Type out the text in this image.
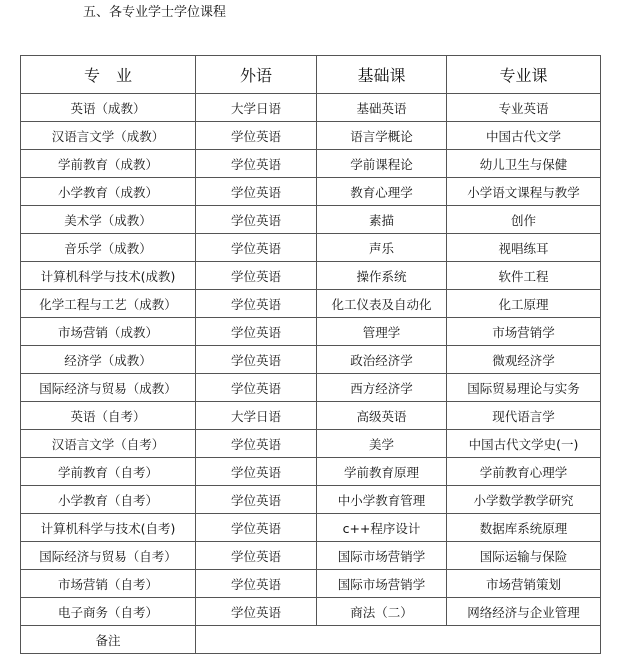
五、各专业学士学位课程
专　业	外语	基础课	专业课
英语（成教）	大学日语	基础英语	专业英语
汉语言文学（成教）	学位英语	语言学概论	中国古代文学
学前教育（成教）	学位英语	学前课程论	幼儿卫生与保健
小学教育（成教）	学位英语	教育心理学	小学语文课程与教学
美术学（成教）	学位英语	素描	创作
音乐学（成教）	学位英语	声乐	视唱练耳
计算机科学与技术(成教)	学位英语	操作系统	软件工程
化学工程与工艺（成教）	学位英语	化工仪表及自动化	化工原理
市场营销（成教）	学位英语	管理学	市场营销学
经济学（成教）	学位英语	政治经济学	微观经济学
国际经济与贸易（成教）	学位英语	西方经济学	国际贸易理论与实务
英语（自考）	大学日语	高级英语	现代语言学
汉语言文学（自考）	学位英语	美学	中国古代文学史(一)
学前教育（自考）	学位英语	学前教育原理	学前教育心理学
小学教育（自考）	学位英语	中小学教育管理	小学数学教学研究
计算机科学与技术(自考)	学位英语	c++程序设计	数据库系统原理
国际经济与贸易（自考）	学位英语	国际市场营销学	国际运输与保险
市场营销（自考）	学位英语	国际市场营销学	市场营销策划
电子商务（自考）	学位英语	商法（二）	网络经济与企业管理
备注			
